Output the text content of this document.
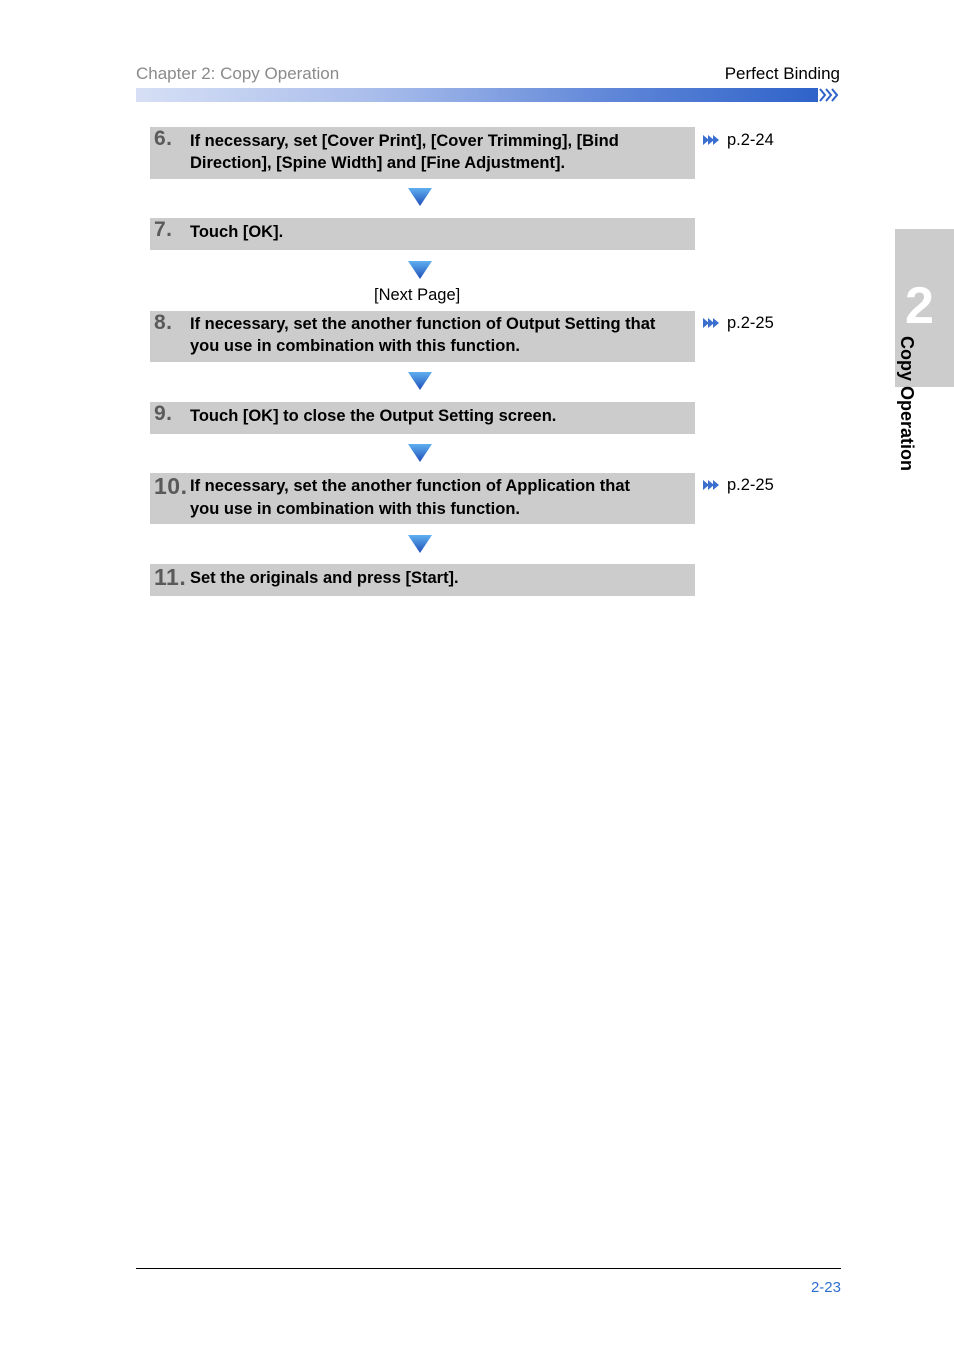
Chapter 2: Copy Operation	Perfect Binding
6. If necessary, set [Cover Print], [Cover Trimming], [Bind
Direction], [Spine Width] and [Fine Adjustment].
p.2-24
7. Touch [OK].
[Next Page]
8. If necessary, set the another function of Output Setting that
you use in combination with this function.
p.2-25
9. Touch [OK] to close the Output Setting screen.
10. If necessary, set the another function of Application that
you use in combination with this function.
p.2-25
11. Set the originals and press [Start].
2
Copy Operation
2-23
